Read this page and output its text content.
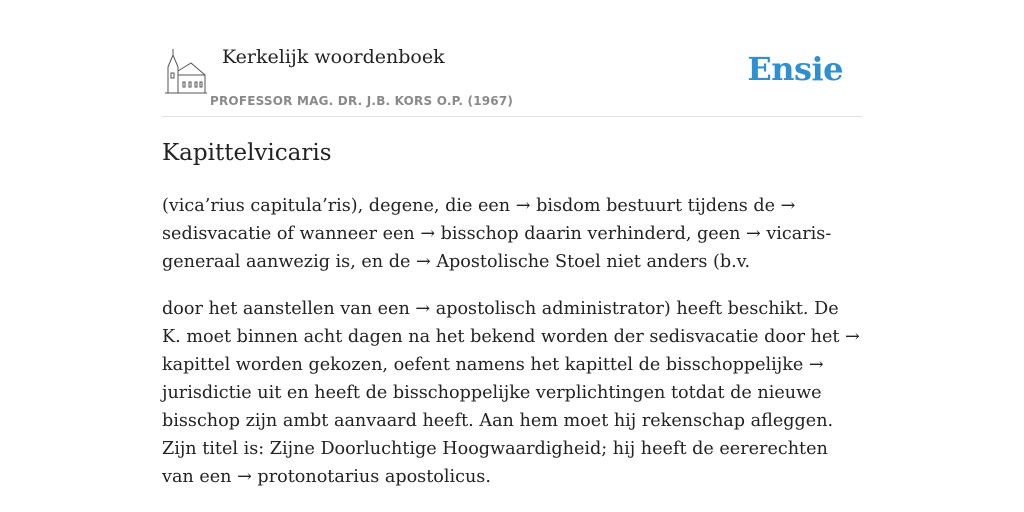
Kerkelijk woordenboek
PROFESSOR MAG. DR. J.B. KORS O.P. (1967)
Ensie
Kapittelvicaris

(vica’rius capitula’ris), degene, die een → bisdom bestuurt tijdens de → sedisvacatie of wanneer een → bisschop daarin verhinderd, geen → vicaris-generaal aanwezig is, en de → Apostolische Stoel niet anders (b.v.

door het aanstellen van een → apostolisch administrator) heeft beschikt. De K. moet binnen acht dagen na het bekend worden der sedisvacatie door het → kapittel worden gekozen, oefent namens het kapittel de bisschoppelijke → jurisdictie uit en heeft de bisschoppelijke verplichtingen totdat de nieuwe bisschop zijn ambt aanvaard heeft. Aan hem moet hij rekenschap afleggen. Zijn titel is: Zijne Doorluchtige Hoogwaardigheid; hij heeft de eererechten van een → protonotarius apostolicus.
